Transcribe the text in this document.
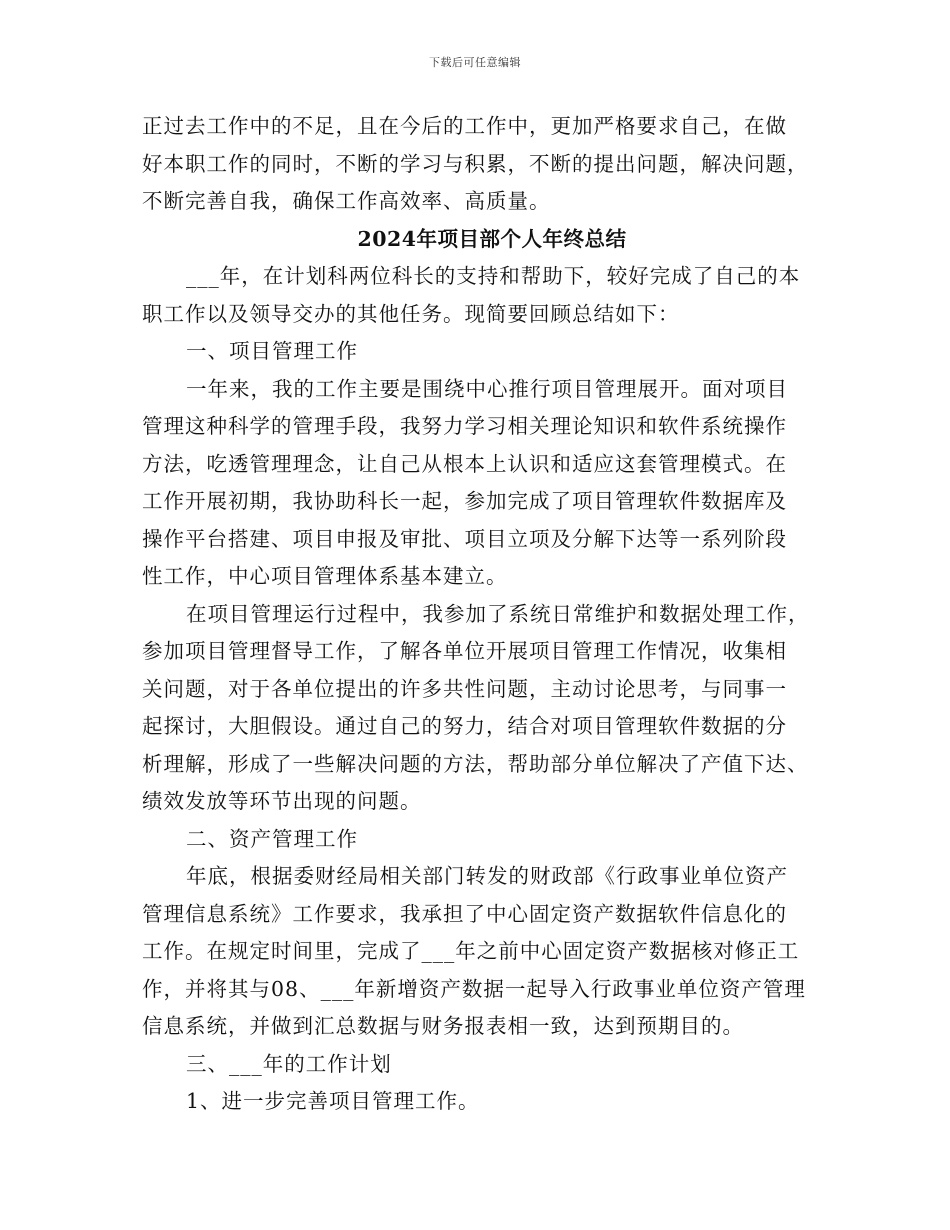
下载后可任意编辑
正过去工作中的不足，且在今后的工作中，更加严格要求自己，在做
好本职工作的同时，不断的学习与积累，不断的提出问题，解决问题，
不断完善自我，确保工作高效率、高质量。
2024年项目部个人年终总结
___年，在计划科两位科长的支持和帮助下，较好完成了自己的本
职工作以及领导交办的其他任务。现简要回顾总结如下：
一、项目管理工作
一年来，我的工作主要是围绕中心推行项目管理展开。面对项目
管理这种科学的管理手段，我努力学习相关理论知识和软件系统操作
方法，吃透管理理念，让自己从根本上认识和适应这套管理模式。在
工作开展初期，我协助科长一起，参加完成了项目管理软件数据库及
操作平台搭建、项目申报及审批、项目立项及分解下达等一系列阶段
性工作，中心项目管理体系基本建立。
在项目管理运行过程中，我参加了系统日常维护和数据处理工作，
参加项目管理督导工作，了解各单位开展项目管理工作情况，收集相
关问题，对于各单位提出的许多共性问题，主动讨论思考，与同事一
起探讨，大胆假设。通过自己的努力，结合对项目管理软件数据的分
析理解，形成了一些解决问题的方法，帮助部分单位解决了产值下达、
绩效发放等环节出现的问题。
二、资产管理工作
年底，根据委财经局相关部门转发的财政部《行政事业单位资产
管理信息系统》工作要求，我承担了中心固定资产数据软件信息化的
工作。在规定时间里，完成了___年之前中心固定资产数据核对修正工
作，并将其与08、___年新增资产数据一起导入行政事业单位资产管理
信息系统，并做到汇总数据与财务报表相一致，达到预期目的。
三、___年的工作计划
1、进一步完善项目管理工作。
